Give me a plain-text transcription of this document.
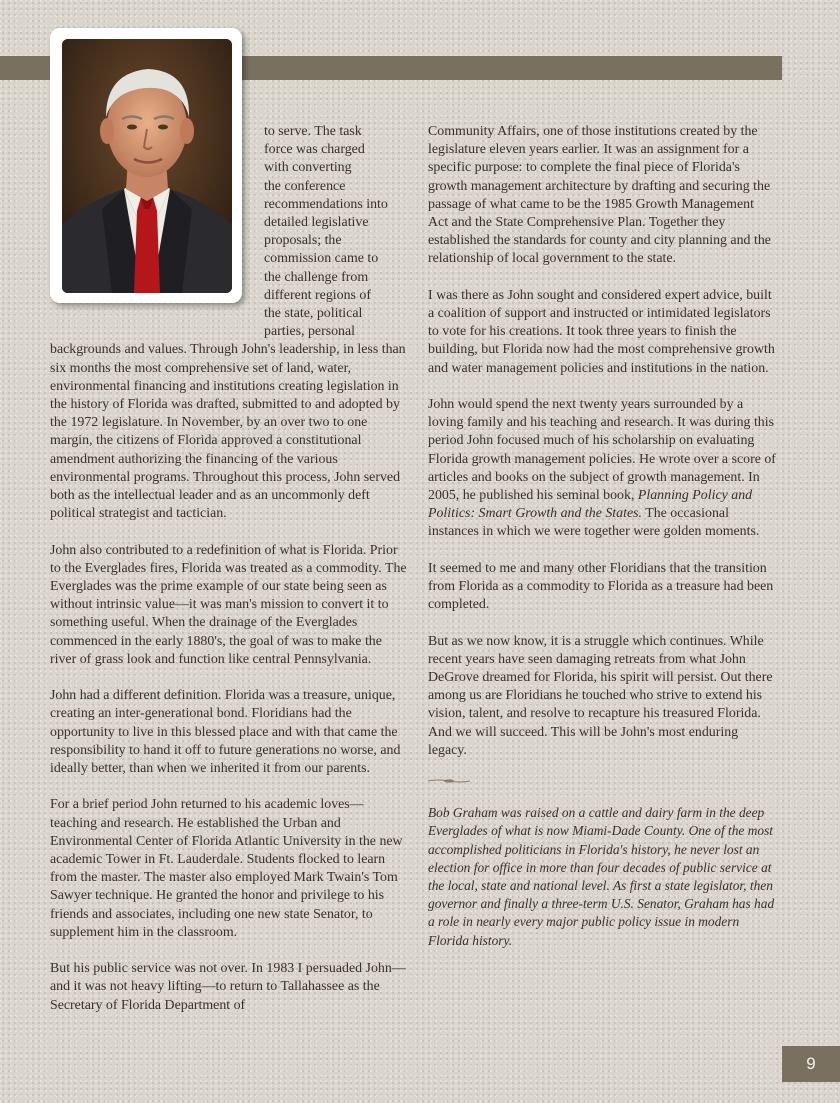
to serve. The task
force was charged
with converting
the conference
recommendations into
detailed legislative
proposals; the
commission came to
the challenge from
different regions of
the state, political
parties, personal

backgrounds and values. Through John's leadership, in less than six months the most comprehensive set of land, water, environmental financing and institutions creating legislation in the history of Florida was drafted, submitted to and adopted by the 1972 legislature. In November, by an over two to one margin, the citizens of Florida approved a constitutional amendment authorizing the financing of the various environmental programs. Throughout this process, John served both as the intellectual leader and as an uncommonly deft political strategist and tactician.

John also contributed to a redefinition of what is Florida. Prior to the Everglades fires, Florida was treated as a commodity. The Everglades was the prime example of our state being seen as without intrinsic value—it was man's mission to convert it to something useful. When the drainage of the Everglades commenced in the early 1880's, the goal of was to make the river of grass look and function like central Pennsylvania.

John had a different definition. Florida was a treasure, unique, creating an inter-generational bond. Floridians had the opportunity to live in this blessed place and with that came the responsibility to hand it off to future generations no worse, and ideally better, than when we inherited it from our parents.

For a brief period John returned to his academic loves—teaching and research. He established the Urban and Environmental Center of Florida Atlantic University in the new academic Tower in Ft. Lauderdale. Students flocked to learn from the master. The master also employed Mark Twain's Tom Sawyer technique. He granted the honor and privilege to his friends and associates, including one new state Senator, to supplement him in the classroom.

But his public service was not over. In 1983 I persuaded John—and it was not heavy lifting—to return to Tallahassee as the Secretary of Florida Department of

Community Affairs, one of those institutions created by the legislature eleven years earlier. It was an assignment for a specific purpose: to complete the final piece of Florida's growth management architecture by drafting and securing the passage of what came to be the 1985 Growth Management Act and the State Comprehensive Plan. Together they established the standards for county and city planning and the relationship of local government to the state.

I was there as John sought and considered expert advice, built a coalition of support and instructed or intimidated legislators to vote for his creations. It took three years to finish the building, but Florida now had the most comprehensive growth and water management policies and institutions in the nation.

John would spend the next twenty years surrounded by a loving family and his teaching and research. It was during this period John focused much of his scholarship on evaluating Florida growth management policies. He wrote over a score of articles and books on the subject of growth management. In 2005, he published his seminal book, Planning Policy and Politics: Smart Growth and the States. The occasional instances in which we were together were golden moments.

It seemed to me and many other Floridians that the transition from Florida as a commodity to Florida as a treasure had been completed.

But as we now know, it is a struggle which continues. While recent years have seen damaging retreats from what John DeGrove dreamed for Florida, his spirit will persist. Out there among us are Floridians he touched who strive to extend his vision, talent, and resolve to recapture his treasured Florida. And we will succeed. This will be John's most enduring legacy.

Bob Graham was raised on a cattle and dairy farm in the deep Everglades of what is now Miami-Dade County. One of the most accomplished politicians in Florida's history, he never lost an election for office in more than four decades of public service at the local, state and national level. As first a state legislator, then governor and finally a three-term U.S. Senator, Graham has had a role in nearly every major public policy issue in modern Florida history.

9
